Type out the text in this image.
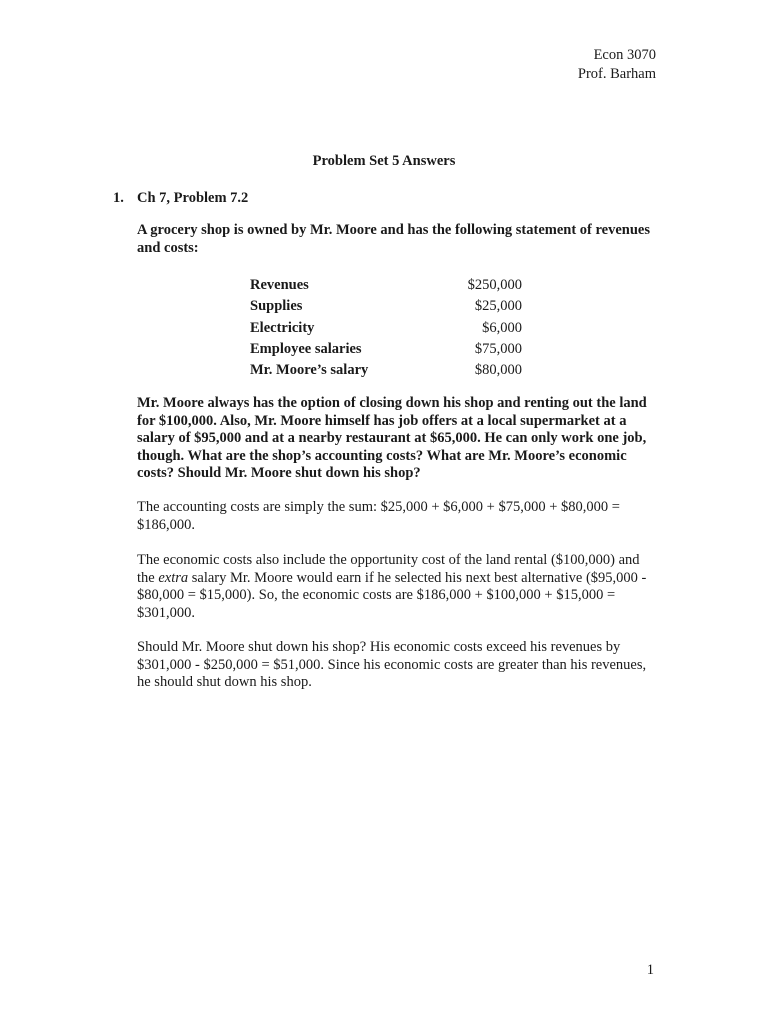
Econ 3070
Prof. Barham
Problem Set 5 Answers
1. Ch 7, Problem 7.2
A grocery shop is owned by Mr. Moore and has the following statement of revenues and costs:
Revenues	$250,000
Supplies	$25,000
Electricity	$6,000
Employee salaries	$75,000
Mr. Moore’s salary	$80,000
Mr. Moore always has the option of closing down his shop and renting out the land for $100,000. Also, Mr. Moore himself has job offers at a local supermarket at a salary of $95,000 and at a nearby restaurant at $65,000. He can only work one job, though. What are the shop’s accounting costs? What are Mr. Moore’s economic costs? Should Mr. Moore shut down his shop?
The accounting costs are simply the sum: $25,000 + $6,000 + $75,000 + $80,000 = $186,000.
The economic costs also include the opportunity cost of the land rental ($100,000) and the extra salary Mr. Moore would earn if he selected his next best alternative ($95,000 - $80,000 = $15,000). So, the economic costs are $186,000 + $100,000 + $15,000 = $301,000.
Should Mr. Moore shut down his shop? His economic costs exceed his revenues by $301,000 - $250,000 = $51,000. Since his economic costs are greater than his revenues, he should shut down his shop.
1
